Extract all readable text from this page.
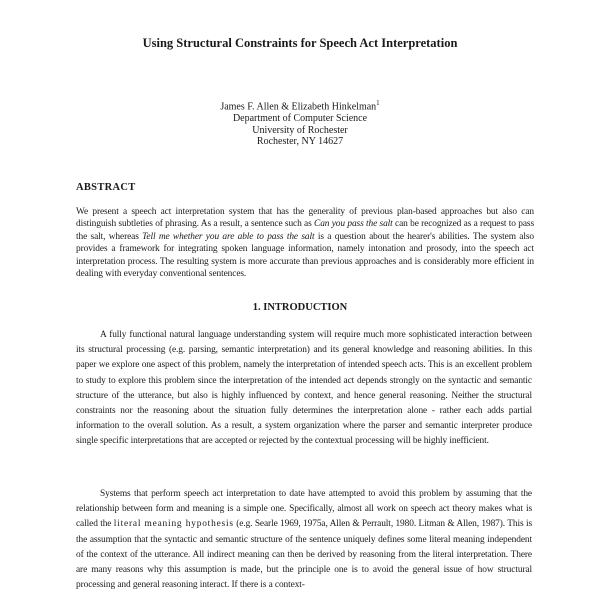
Using Structural Constraints for Speech Act Interpretation
James F. Allen & Elizabeth Hinkelman$^1$
Department of Computer Science
University of Rochester
Rochester, NY 14627
ABSTRACT
We present a speech act interpretation system that has the generality of previous plan-based approaches but also can distinguish subtleties of phrasing. As a result, a sentence such as Can you pass the salt can be recognized as a request to pass the salt, whereas Tell me whether you are able to pass the salt is a question about the hearer's abilities. The system also provides a framework for integrating spoken language information, namely intonation and prosody, into the speech act interpretation process. The resulting system is more accurate than previous approaches and is considerably more efficient in dealing with everyday conventional sentences.
1. INTRODUCTION
A fully functional natural language understanding system will require much more sophisticated interaction between its structural processing (e.g. parsing, semantic interpretation) and its general knowledge and reasoning abilities. In this paper we explore one aspect of this problem, namely the interpretation of intended speech acts. This is an excellent problem to study to explore this problem since the interpretation of the intended act depends strongly on the syntactic and semantic structure of the utterance, but also is highly influenced by context, and hence general reasoning. Neither the structural constraints nor the reasoning about the situation fully determines the interpretation alone - rather each adds partial information to the overall solution. As a result, a system organization where the parser and semantic interpreter produce single specific interpretations that are accepted or rejected by the contextual processing will be highly inefficient.
Systems that perform speech act interpretation to date have attempted to avoid this problem by assuming that the relationship between form and meaning is a simple one. Specifically, almost all work on speech act theory makes what is called the literal meaning hypothesis (e.g. Searle 1969, 1975a, Allen & Perrault, 1980. Litman & Allen, 1987). This is the assumption that the syntactic and semantic structure of the sentence uniquely defines some literal meaning independent of the context of the utterance. All indirect meaning can then be derived by reasoning from the literal interpretation. There are many reasons why this assumption is made, but the principle one is to avoid the general issue of how structural processing and general reasoning interact. If there is a context-
